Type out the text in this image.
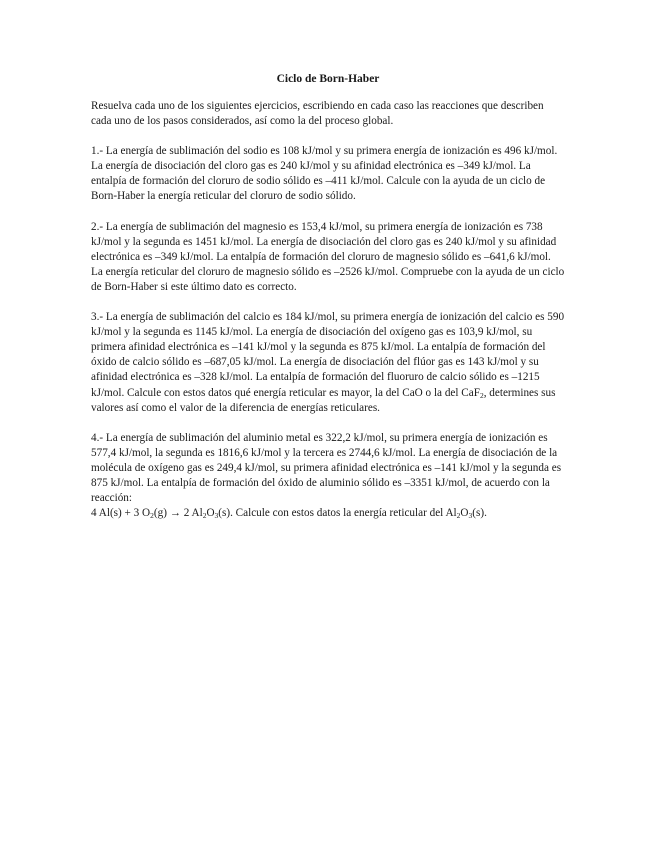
Ciclo de Born-Haber

Resuelva cada uno de los siguientes ejercicios, escribiendo en cada caso las reacciones que describen cada uno de los pasos considerados, así como la del proceso global.

1.- La energía de sublimación del sodio es 108 kJ/mol y su primera energía de ionización es 496 kJ/mol. La energía de disociación del cloro gas es 240 kJ/mol y su afinidad electrónica es –349 kJ/mol. La entalpía de formación del cloruro de sodio sólido es –411 kJ/mol. Calcule con la ayuda de un ciclo de Born-Haber la energía reticular del cloruro de sodio sólido.

2.- La energía de sublimación del magnesio es 153,4 kJ/mol, su primera energía de ionización es 738 kJ/mol y la segunda es 1451 kJ/mol. La energía de disociación del cloro gas es 240 kJ/mol y su afinidad electrónica es –349 kJ/mol. La entalpía de formación del cloruro de magnesio sólido es –641,6 kJ/mol. La energía reticular del cloruro de magnesio sólido es –2526 kJ/mol. Compruebe con la ayuda de un ciclo de Born-Haber si este último dato es correcto.

3.- La energía de sublimación del calcio es 184 kJ/mol, su primera energía de ionización del calcio es 590 kJ/mol y la segunda es 1145 kJ/mol. La energía de disociación del oxígeno gas es 103,9 kJ/mol, su primera afinidad electrónica es –141 kJ/mol y la segunda es 875 kJ/mol. La entalpía de formación del óxido de calcio sólido es –687,05 kJ/mol. La energía de disociación del flúor gas es 143 kJ/mol y su afinidad electrónica es –328 kJ/mol. La entalpía de formación del fluoruro de calcio sólido es –1215 kJ/mol. Calcule con estos datos qué energía reticular es mayor, la del CaO o la del CaF$_2$, determines sus valores así como el valor de la diferencia de energías reticulares.

4.- La energía de sublimación del aluminio metal es 322,2 kJ/mol, su primera energía de ionización es 577,4 kJ/mol, la segunda es 1816,6 kJ/mol y la tercera es 2744,6 kJ/mol. La energía de disociación de la molécula de oxígeno gas es 249,4 kJ/mol, su primera afinidad electrónica es –141 kJ/mol y la segunda es 875 kJ/mol. La entalpía de formación del óxido de aluminio sólido es –3351 kJ/mol, de acuerdo con la reacción:
4 Al(s) + 3 $O_2(g) \to 2$ $Al_2O_3(s)$. Calcule con estos datos la energía reticular del $Al_2O_3(s)$.
